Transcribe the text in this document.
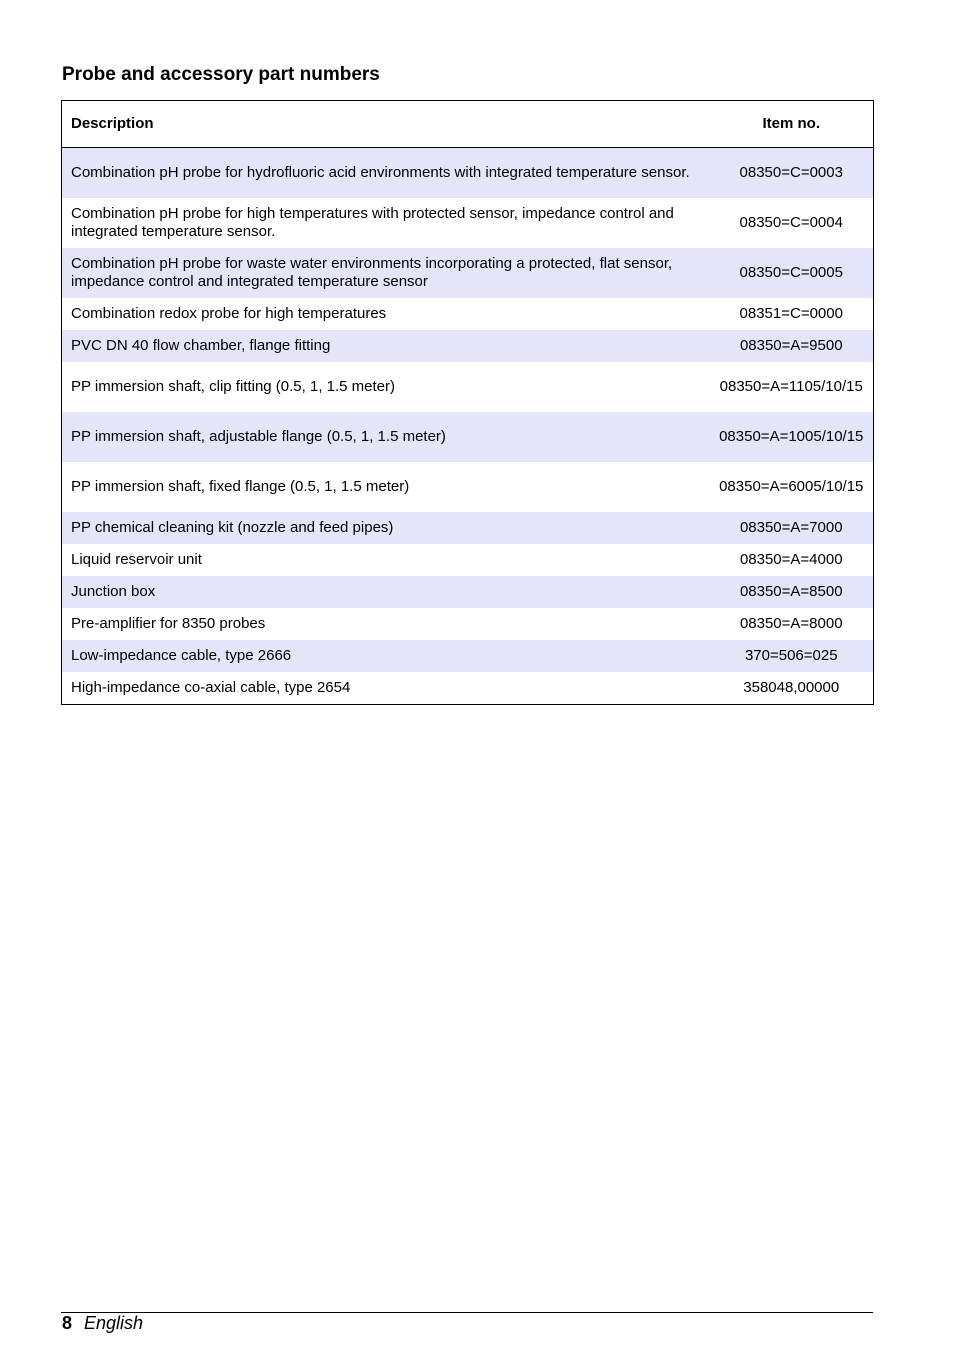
Probe and accessory part numbers
Description	Item no.
Combination pH probe for hydrofluoric acid environments with integrated temperature sensor.	08350=C=0003
Combination pH probe for high temperatures with protected sensor, impedance control and integrated temperature sensor.	08350=C=0004
Combination pH probe for waste water environments incorporating a protected, flat sensor, impedance control and integrated temperature sensor	08350=C=0005
Combination redox probe for high temperatures	08351=C=0000
PVC DN 40 flow chamber, flange fitting	08350=A=9500
PP immersion shaft, clip fitting (0.5, 1, 1.5 meter)	08350=A=1105/10/15
PP immersion shaft, adjustable flange (0.5, 1, 1.5 meter)	08350=A=1005/10/15
PP immersion shaft, fixed flange (0.5, 1, 1.5 meter)	08350=A=6005/10/15
PP chemical cleaning kit (nozzle and feed pipes)	08350=A=7000
Liquid reservoir unit	08350=A=4000
Junction box	08350=A=8500
Pre-amplifier for 8350 probes	08350=A=8000
Low-impedance cable, type 2666	370=506=025
High-impedance co-axial cable, type 2654	358048,00000
8 English
